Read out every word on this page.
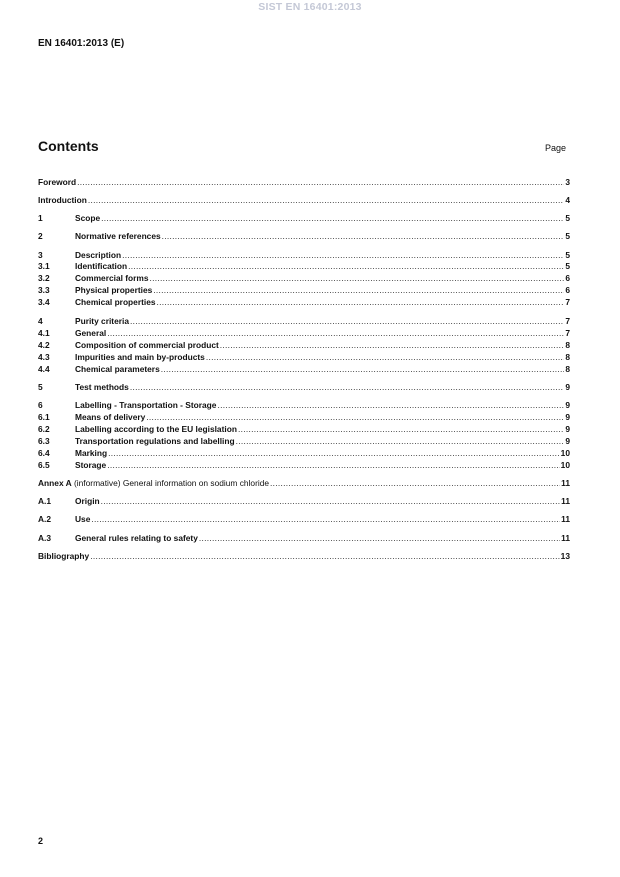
SIST EN 16401:2013
EN 16401:2013 (E)
Contents	Page
Foreword .....	3
Introduction .....	4
1	Scope .....	5
2	Normative references .....	5
3	Description .....	5
3.1	Identification .....	5
3.2	Commercial forms .....	6
3.3	Physical properties .....	6
3.4	Chemical properties .....	7
4	Purity criteria .....	7
4.1	General .....	7
4.2	Composition of commercial product .....	8
4.3	Impurities and main by-products .....	8
4.4	Chemical parameters .....	8
5	Test methods .....	9
6	Labelling - Transportation - Storage .....	9
6.1	Means of delivery .....	9
6.2	Labelling according to the EU legislation .....	9
6.3	Transportation regulations and labelling .....	9
6.4	Marking .....	10
6.5	Storage .....	10
Annex A (informative) General information on sodium chloride .....	11
A.1	Origin .....	11
A.2	Use .....	11
A.3	General rules relating to safety .....	11
Bibliography .....	13
2
